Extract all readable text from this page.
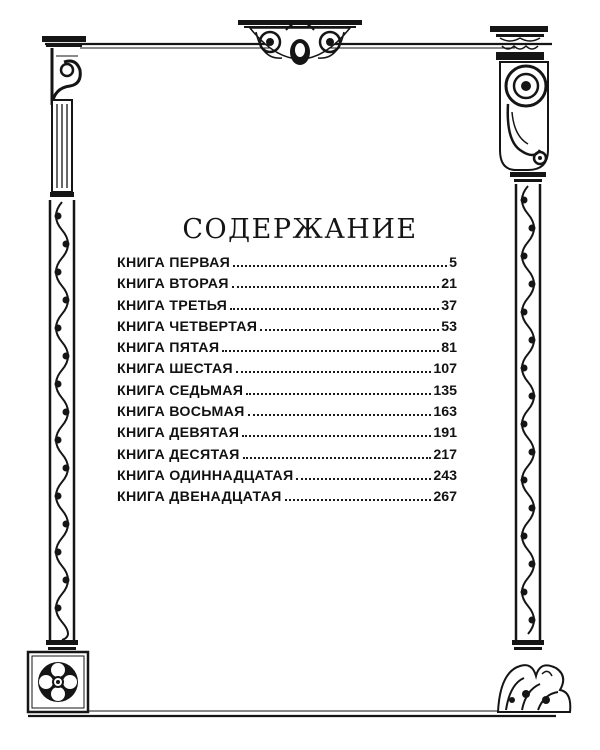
СОДЕРЖАНИЕ
КНИГА ПЕРВАЯ	5
КНИГА ВТОРАЯ	21
КНИГА ТРЕТЬЯ	37
КНИГА ЧЕТВЕРТАЯ	53
КНИГА ПЯТАЯ	81
КНИГА ШЕСТАЯ	107
КНИГА СЕДЬМАЯ	135
КНИГА ВОСЬМАЯ	163
КНИГА ДЕВЯТАЯ	191
КНИГА ДЕСЯТАЯ	217
КНИГА ОДИННАДЦАТАЯ	243
КНИГА ДВЕНАДЦАТАЯ	267
